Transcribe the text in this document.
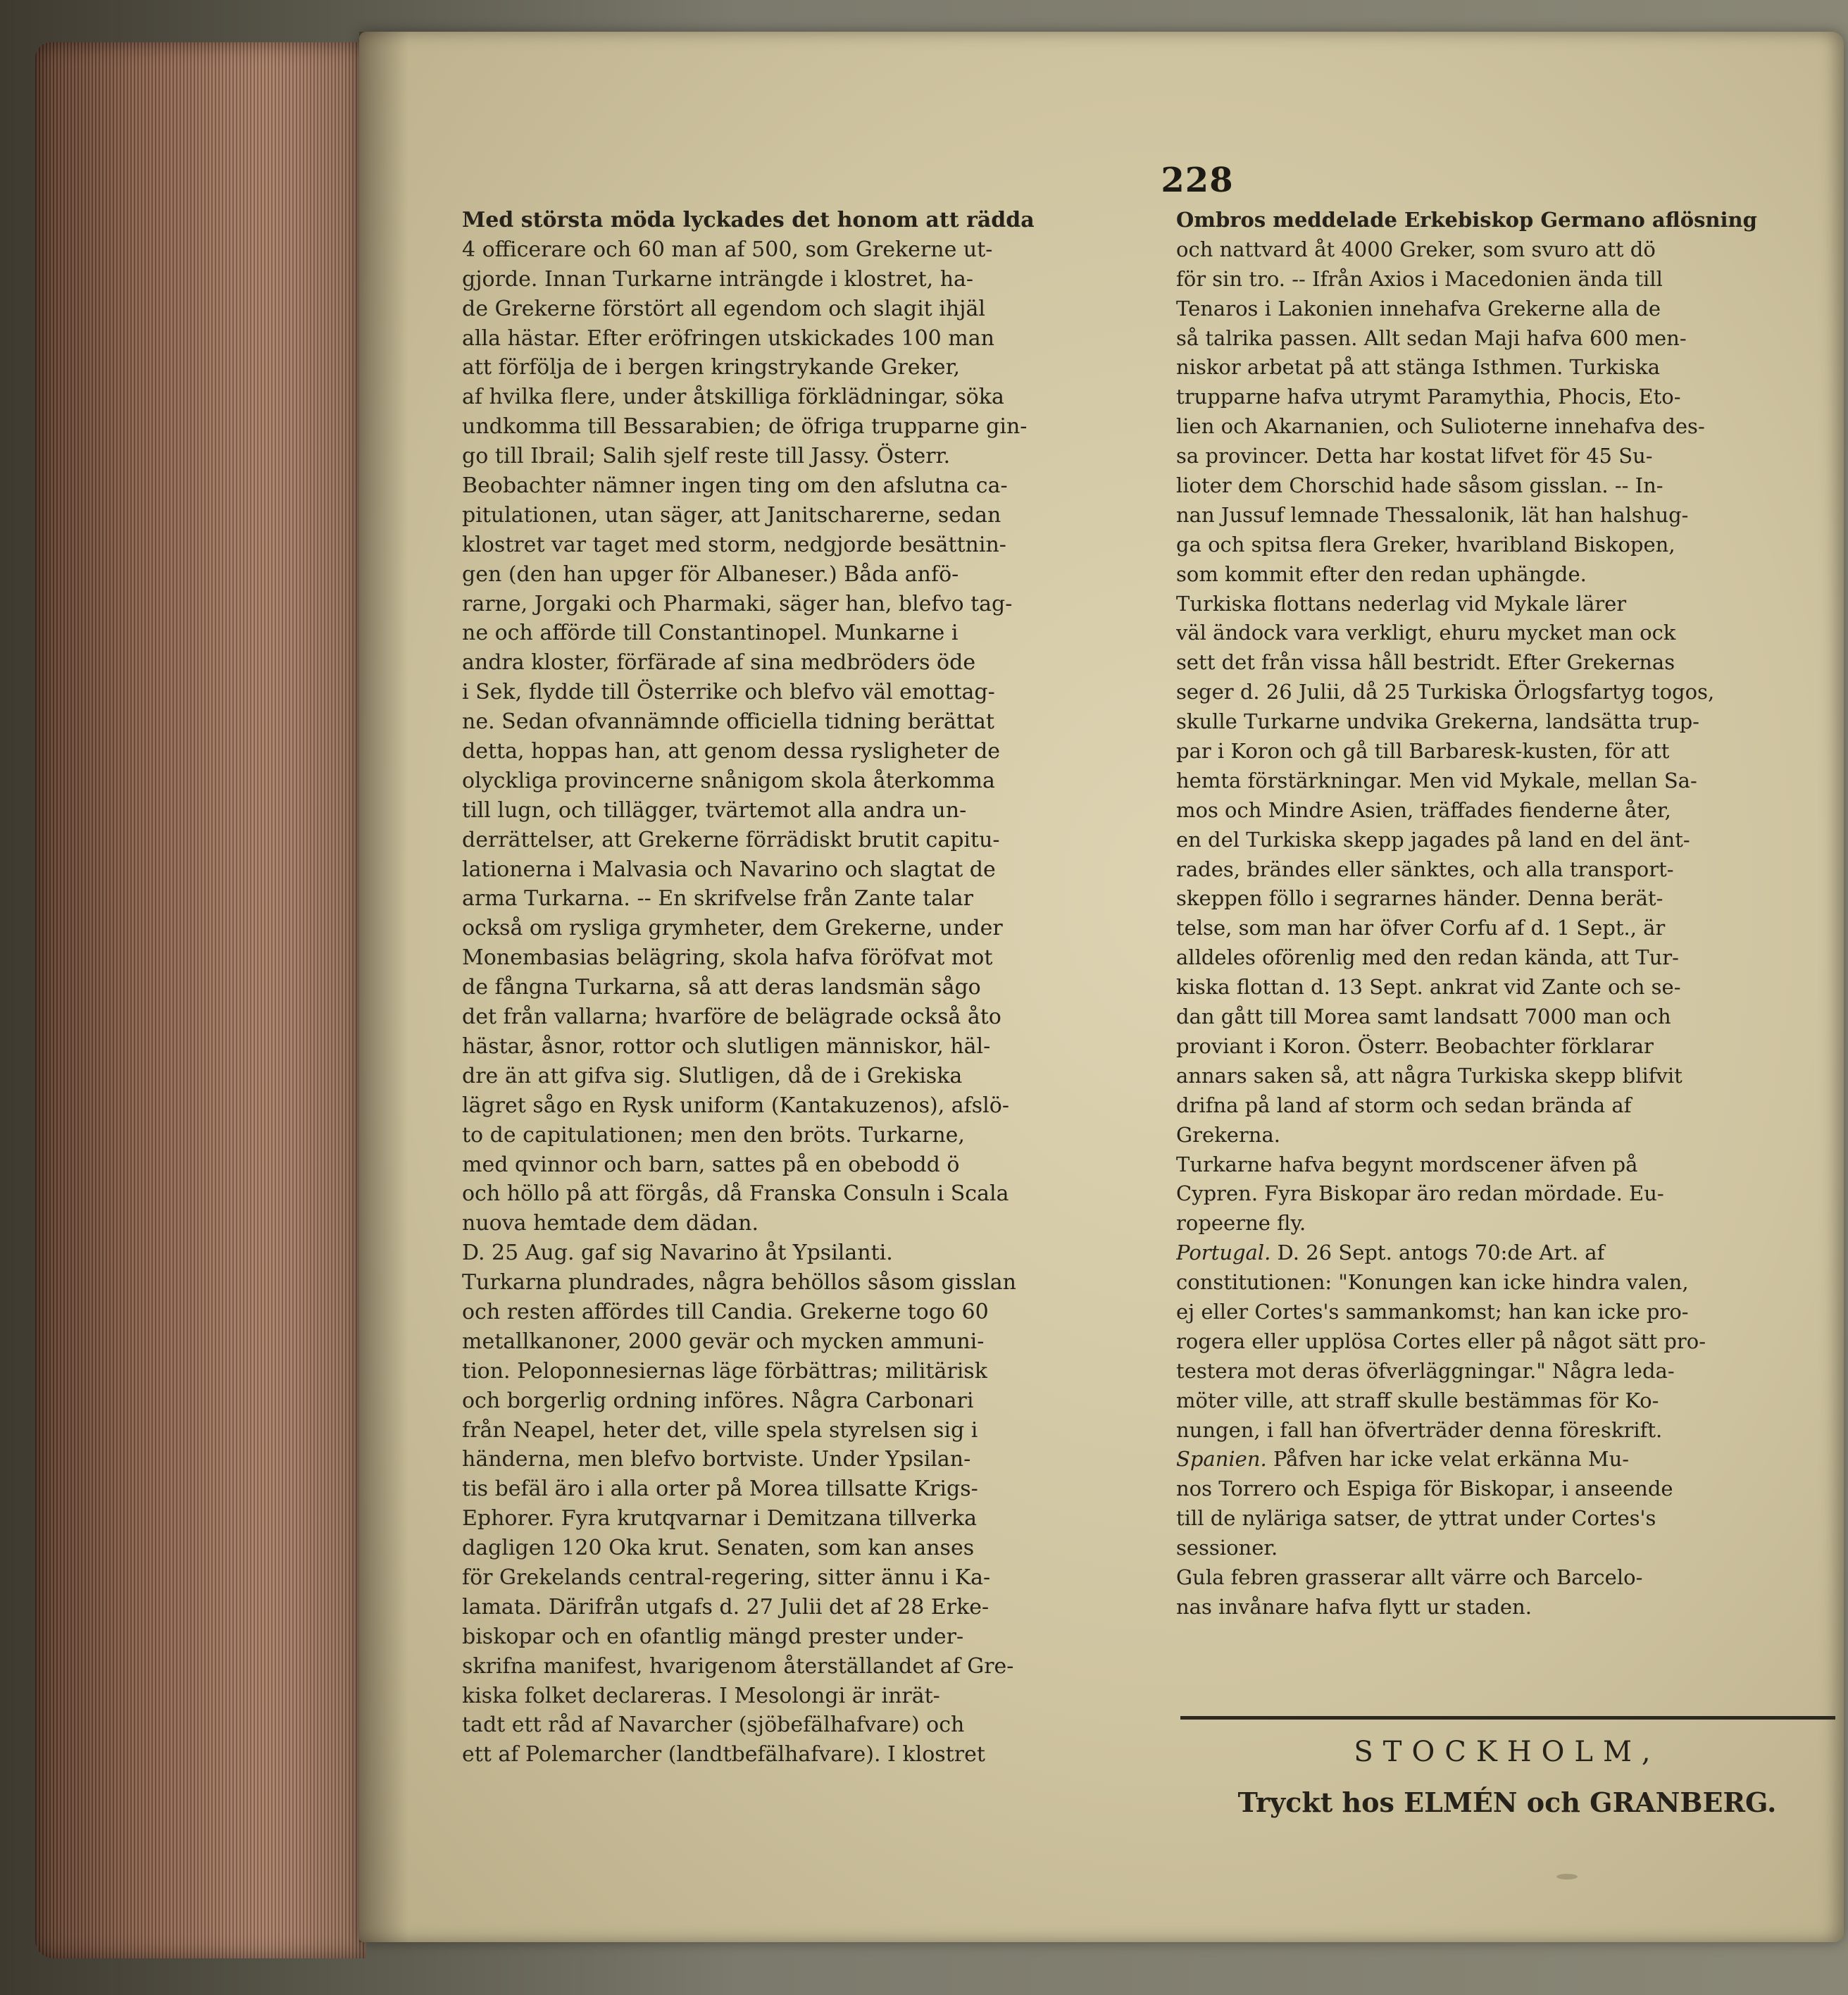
228
Med största möda lyckades det honom att rädda
4 officerare och 60 man af 500, som Grekerne ut-
gjorde. Innan Turkarne inträngde i klostret, ha-
de Grekerne förstört all egendom och slagit ihjäl
alla hästar. Efter eröfringen utskickades 100 man
att förfölja de i bergen kringstrykande Greker,
af hvilka flere, under åtskilliga förklädningar, söka
undkomma till Bessarabien; de öfriga trupparne gin-
go till Ibrail; Salih sjelf reste till Jassy. Österr.
Beobachter nämner ingen ting om den afslutna ca-
pitulationen, utan säger, att Janitscharerne, sedan
klostret var taget med storm, nedgjorde besättnin-
gen (den han upger för Albaneser.) Båda anfö-
rarne, Jorgaki och Pharmaki, säger han, blefvo tag-
ne och afförde till Constantinopel. Munkarne i
andra kloster, förfärade af sina medbröders öde
i Sek, flydde till Österrike och blefvo väl emottag-
ne. Sedan ofvannämnde officiella tidning berättat
detta, hoppas han, att genom dessa rysligheter de
olyckliga provincerne snånigom skola återkomma
till lugn, och tillägger, tvärtemot alla andra un-
derrättelser, att Grekerne förrädiskt brutit capitu-
lationerna i Malvasia och Navarino och slagtat de
arma Turkarna. -- En skrifvelse från Zante talar
också om rysliga grymheter, dem Grekerne, under
Monembasias belägring, skola hafva föröfvat mot
de fångna Turkarna, så att deras landsmän sågo
det från vallarna; hvarföre de belägrade också åto
hästar, åsnor, rottor och slutligen människor, häl-
dre än att gifva sig. Slutligen, då de i Grekiska
lägret sågo en Rysk uniform (Kantakuzenos), afslö-
to de capitulationen; men den bröts. Turkarne,
med qvinnor och barn, sattes på en obebodd ö
och höllo på att förgås, då Franska Consuln i Scala
nuova hemtade dem dädan.
D. 25 Aug. gaf sig Navarino åt Ypsilanti.
Turkarna plundrades, några behöllos såsom gisslan
och resten affördes till Candia. Grekerne togo 60
metallkanoner, 2000 gevär och mycken ammuni-
tion. Peloponnesiernas läge förbättras; militärisk
och borgerlig ordning införes. Några Carbonari
från Neapel, heter det, ville spela styrelsen sig i
händerna, men blefvo bortviste. Under Ypsilan-
tis befäl äro i alla orter på Morea tillsatte Krigs-
Ephorer. Fyra krutqvarnar i Demitzana tillverka
dagligen 120 Oka krut. Senaten, som kan anses
för Grekelands central-regering, sitter ännu i Ka-
lamata. Därifrån utgafs d. 27 Julii det af 28 Erke-
biskopar och en ofantlig mängd prester under-
skrifna manifest, hvarigenom återställandet af Gre-
kiska folket declareras. I Mesolongi är inrät-
tadt ett råd af Navarcher (sjöbefälhafvare) och
ett af Polemarcher (landtbefälhafvare). I klostret
Ombros meddelade Erkebiskop Germano aflösning
och nattvard åt 4000 Greker, som svuro att dö
för sin tro. -- Ifrån Axios i Macedonien ända till
Tenaros i Lakonien innehafva Grekerne alla de
så talrika passen. Allt sedan Maji hafva 600 men-
niskor arbetat på att stänga Isthmen. Turkiska
trupparne hafva utrymt Paramythia, Phocis, Eto-
lien och Akarnanien, och Sulioterne innehafva des-
sa provincer. Detta har kostat lifvet för 45 Su-
lioter dem Chorschid hade såsom gisslan. -- In-
nan Jussuf lemnade Thessalonik, lät han halshug-
ga och spitsa flera Greker, hvaribland Biskopen,
som kommit efter den redan uphängde.
Turkiska flottans nederlag vid Mykale lärer
väl ändock vara verkligt, ehuru mycket man ock
sett det från vissa håll bestridt. Efter Grekernas
seger d. 26 Julii, då 25 Turkiska Örlogsfartyg togos,
skulle Turkarne undvika Grekerna, landsätta trup-
par i Koron och gå till Barbaresk-kusten, för att
hemta förstärkningar. Men vid Mykale, mellan Sa-
mos och Mindre Asien, träffades fienderne åter,
en del Turkiska skepp jagades på land en del änt-
rades, brändes eller sänktes, och alla transport-
skeppen föllo i segrarnes händer. Denna berät-
telse, som man har öfver Corfu af d. 1 Sept., är
alldeles oförenlig med den redan kända, att Tur-
kiska flottan d. 13 Sept. ankrat vid Zante och se-
dan gått till Morea samt landsatt 7000 man och
proviant i Koron. Österr. Beobachter förklarar
annars saken så, att några Turkiska skepp blifvit
drifna på land af storm och sedan brända af
Grekerna.
Turkarne hafva begynt mordscener äfven på
Cypren. Fyra Biskopar äro redan mördade. Eu-
ropeerne fly.
Portugal. D. 26 Sept. antogs 70:de Art. af
constitutionen: "Konungen kan icke hindra valen,
ej eller Cortes's sammankomst; han kan icke pro-
rogera eller upplösa Cortes eller på något sätt pro-
testera mot deras öfverläggningar." Några leda-
möter ville, att straff skulle bestämmas för Ko-
nungen, i fall han öfverträder denna föreskrift.
Spanien. Påfven har icke velat erkänna Mu-
nos Torrero och Espiga för Biskopar, i anseende
till de nyläriga satser, de yttrat under Cortes's
sessioner.
Gula febren grasserar allt värre och Barcelo-
nas invånare hafva flytt ur staden.
STOCKHOLM,
Tryckt hos ELMÉN och GRANBERG.
